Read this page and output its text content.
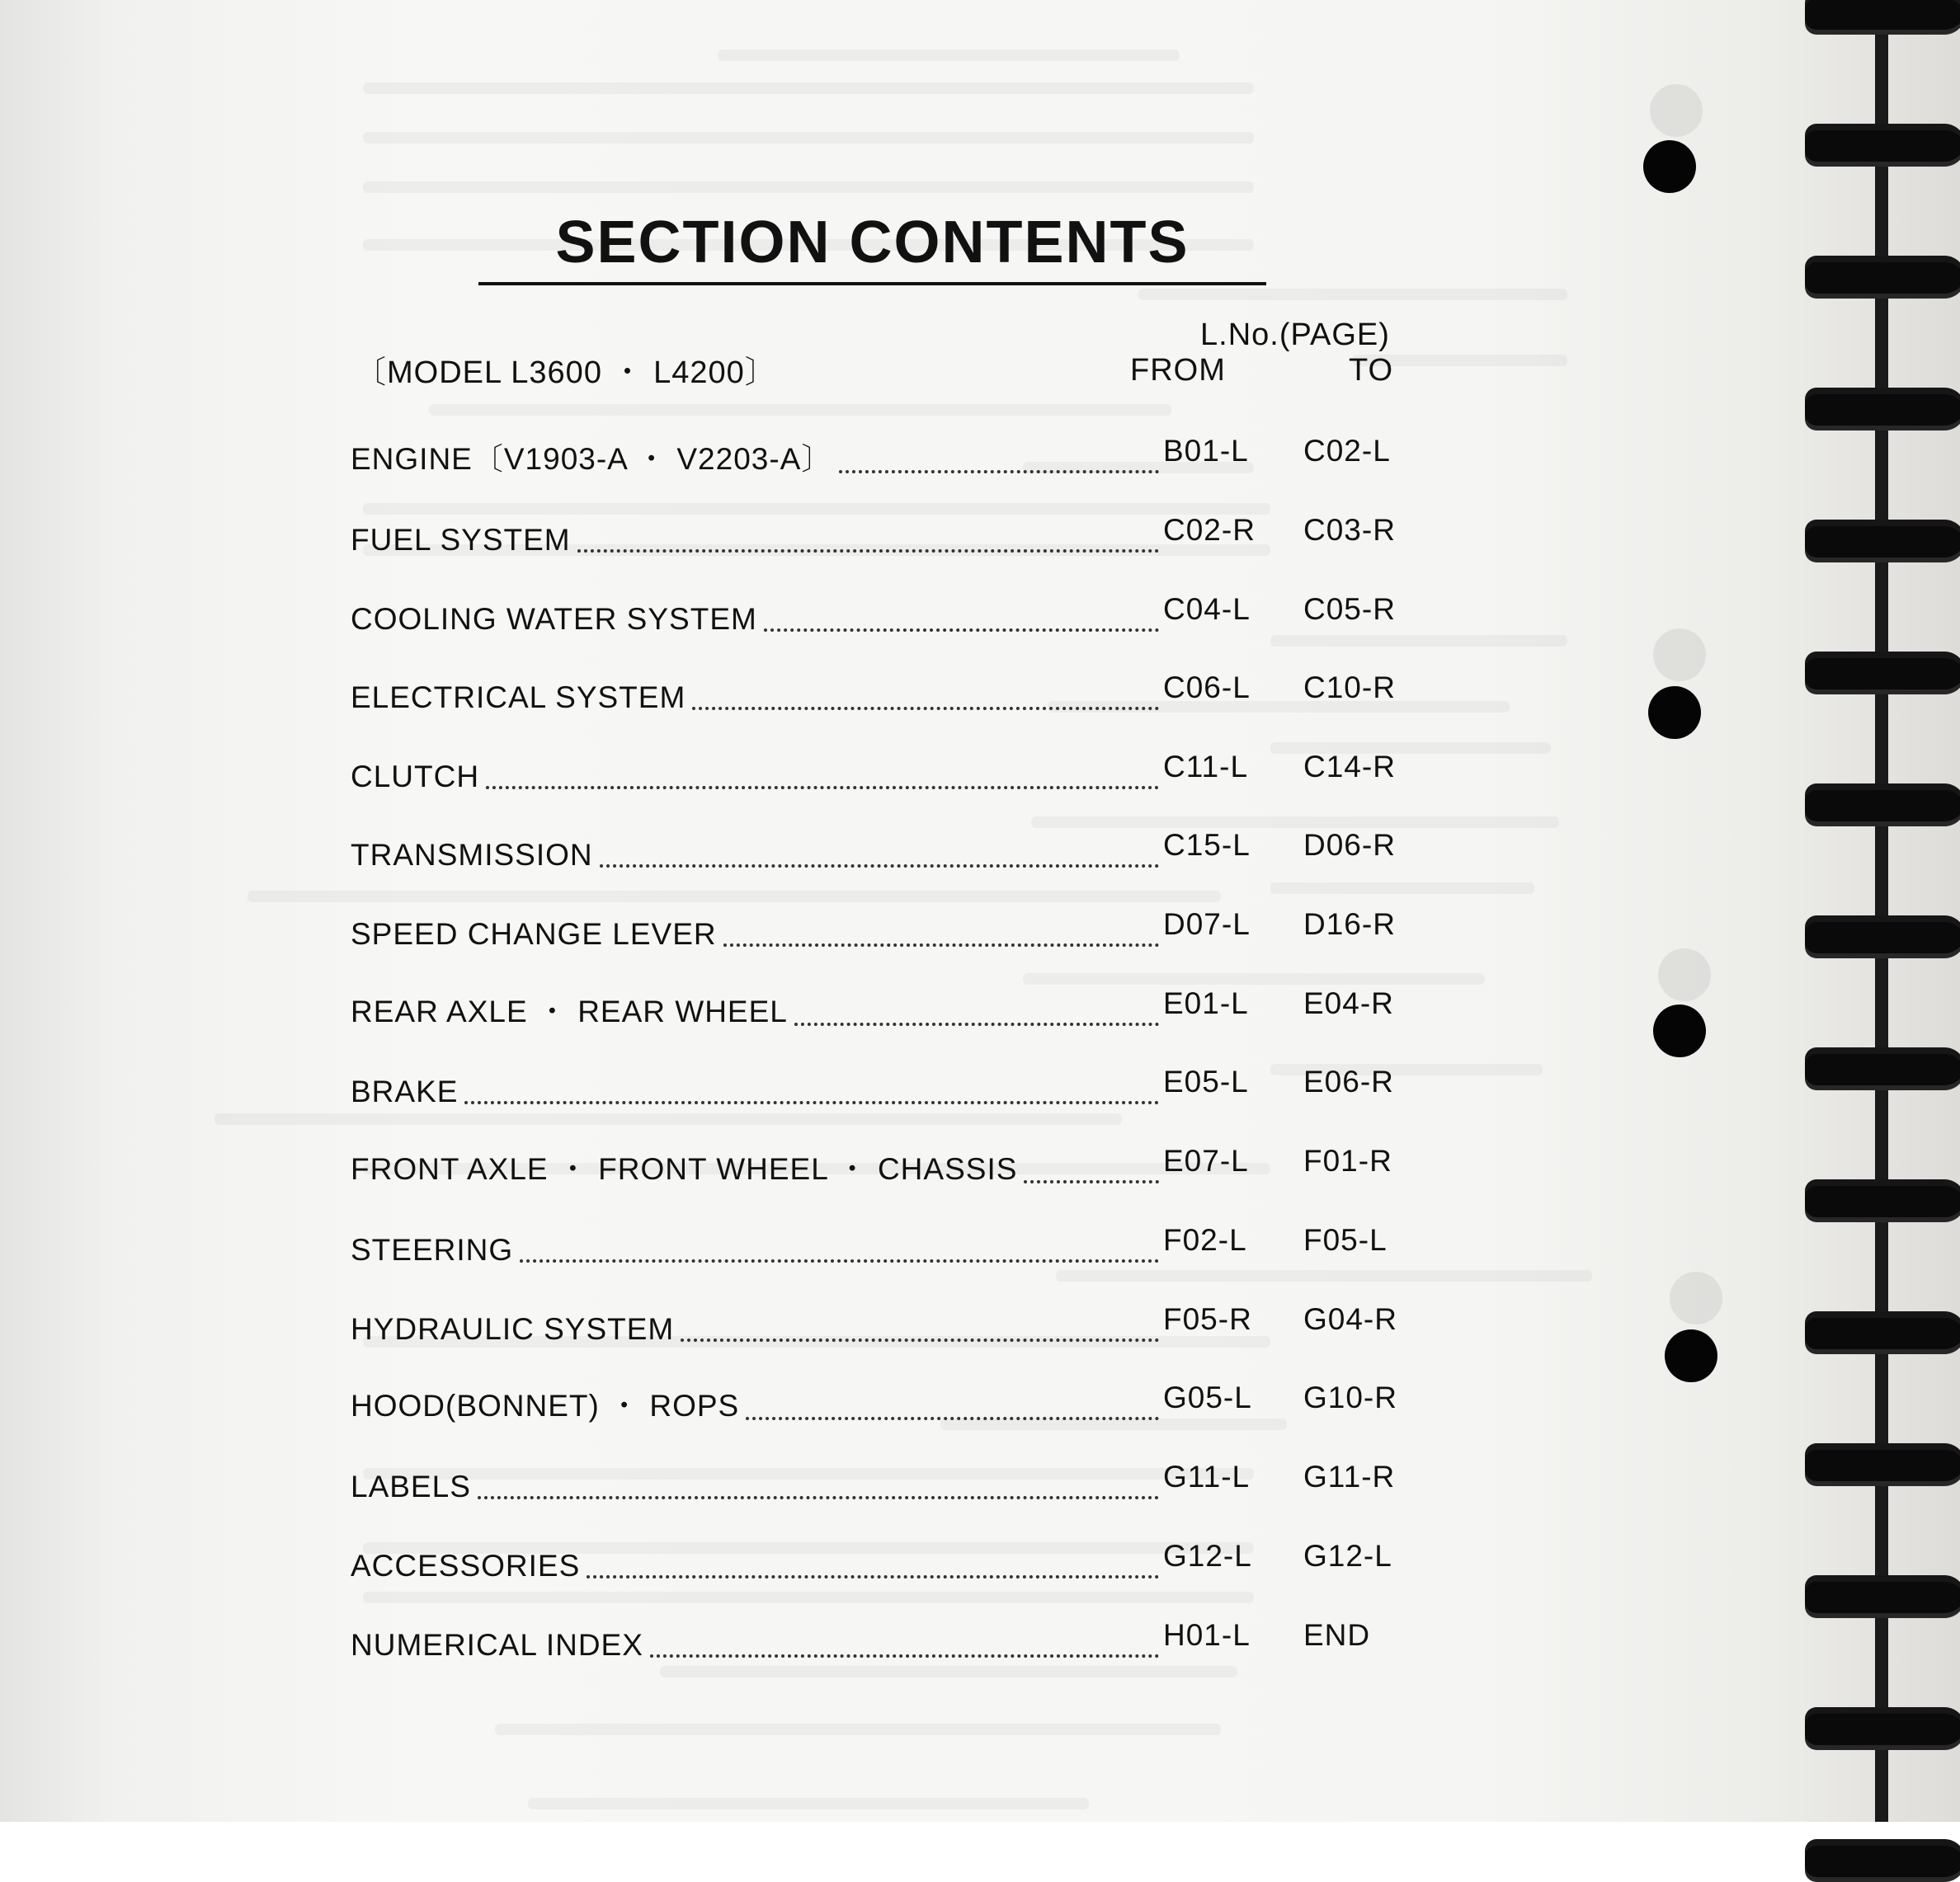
SECTION CONTENTS
〔MODEL L3600 ・ L4200〕
L.No.(PAGE)
FROM	TO
ENGINE〔V1903-A ・ V2203-A〕	B01-L C02-L
FUEL SYSTEM	C02-R C03-R
COOLING WATER SYSTEM	C04-L C05-R
ELECTRICAL SYSTEM	C06-L C10-R
CLUTCH	C11-L C14-R
TRANSMISSION	C15-L D06-R
SPEED CHANGE LEVER	D07-L D16-R
REAR AXLE ・ REAR WHEEL	E01-L E04-R
BRAKE	E05-L E06-R
FRONT AXLE ・ FRONT WHEEL ・ CHASSIS	E07-L F01-R
STEERING	F02-L F05-L
HYDRAULIC SYSTEM	F05-R G04-R
HOOD(BONNET) ・ ROPS	G05-L G10-R
LABELS	G11-L G11-R
ACCESSORIES	G12-L G12-L
NUMERICAL INDEX	H01-L END
